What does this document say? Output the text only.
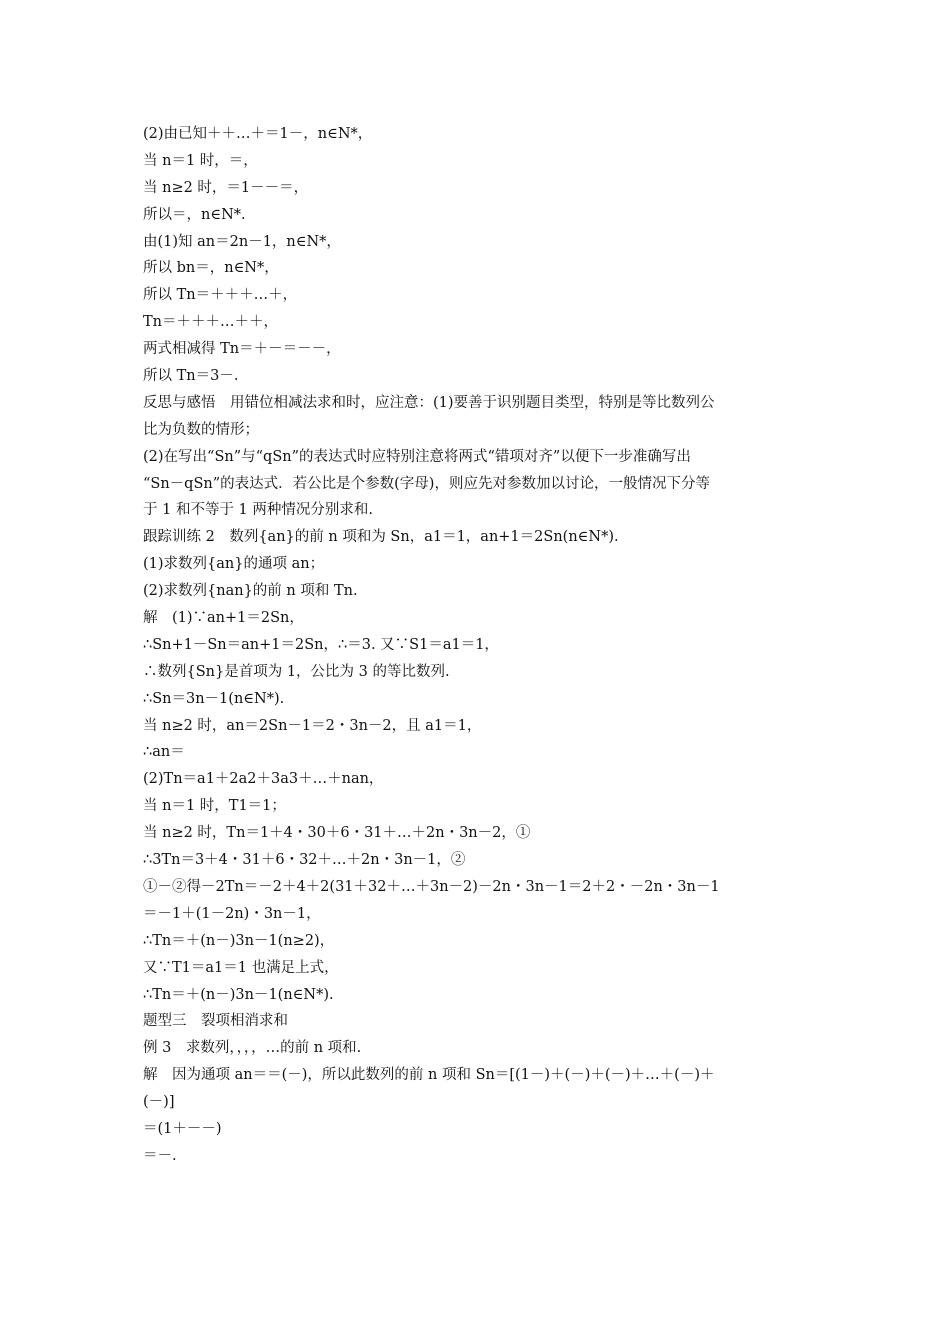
(2)由已知＋＋…＋＝1－，n∈N*，
当 n＝1 时，＝，
当 n≥2 时，＝1－－＝，
所以＝，n∈N*.
由(1)知 an＝2n－1，n∈N*，
所以 bn＝，n∈N*，
所以 Tn＝＋＋＋…＋，
Tn＝＋＋＋…＋＋，
两式相减得 Tn＝＋－＝－－，
所以 Tn＝3－.
反思与感悟　用错位相减法求和时，应注意：(1)要善于识别题目类型，特别是等比数列公
比为负数的情形；
(2)在写出“Sn”与“qSn”的表达式时应特别注意将两式“错项对齐”以便下一步准确写出
“Sn－qSn”的表达式．若公比是个参数(字母)，则应先对参数加以讨论，一般情况下分等
于 1 和不等于 1 两种情况分别求和.
跟踪训练 2　数列{an}的前 n 项和为 Sn，a1＝1，an+1＝2Sn(n∈N*).
(1)求数列{an}的通项 an；
(2)求数列{nan}的前 n 项和 Tn.
解　(1)∵an+1＝2Sn，
∴Sn+1－Sn＝an+1＝2Sn，∴＝3. 又∵S1＝a1＝1，
∴数列{Sn}是首项为 1，公比为 3 的等比数列.
∴Sn＝3n－1(n∈N*).
当 n≥2 时，an＝2Sn－1＝2・3n－2，且 a1＝1，
∴an＝
(2)Tn＝a1＋2a2＋3a3＋…＋nan，
当 n＝1 时，T1＝1；
当 n≥2 时，Tn＝1＋4・30＋6・31＋…＋2n・3n－2，①
∴3Tn＝3＋4・31＋6・32＋…＋2n・3n－1，②
①－②得－2Tn＝－2＋4＋2(31＋32＋…＋3n－2)－2n・3n－1＝2＋2・－2n・3n－1
＝－1＋(1－2n)・3n－1，
∴Tn＝＋(n－)3n－1(n≥2)，
又∵T1＝a1＝1 也满足上式，
∴Tn＝＋(n－)3n－1(n∈N*).
题型三　裂项相消求和
例 3　求数列，，，，…的前 n 项和.
解　因为通项 an＝＝(－)，所以此数列的前 n 项和 Sn＝[(1－)＋(－)＋(－)＋…＋(－)＋
(－)]
＝(1＋－－)
＝－.
